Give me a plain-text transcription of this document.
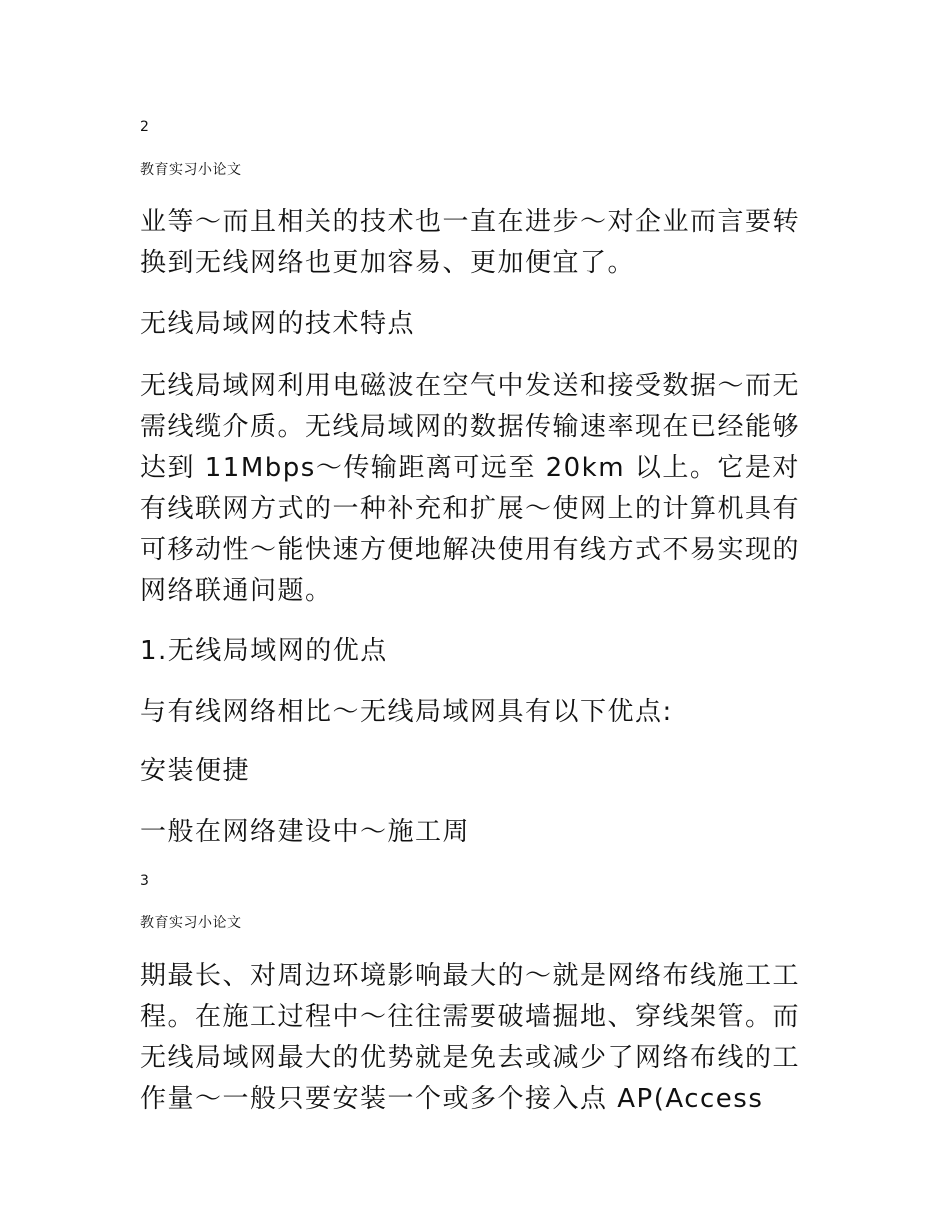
2
教育实习小论文

业等～而且相关的技术也一直在进步～对企业而言要转
换到无线网络也更加容易、更加便宜了。

无线局域网的技术特点

无线局域网利用电磁波在空气中发送和接受数据～而无
需线缆介质。无线局域网的数据传输速率现在已经能够
达到 11Mbps～传输距离可远至 20km 以上。它是对
有线联网方式的一种补充和扩展～使网上的计算机具有
可移动性～能快速方便地解决使用有线方式不易实现的
网络联通问题。

1.无线局域网的优点

与有线网络相比～无线局域网具有以下优点:

安装便捷

一般在网络建设中～施工周

3
教育实习小论文

期最长、对周边环境影响最大的～就是网络布线施工工
程。在施工过程中～往往需要破墙掘地、穿线架管。而
无线局域网最大的优势就是免去或减少了网络布线的工
作量～一般只要安装一个或多个接入点 AP(Access
